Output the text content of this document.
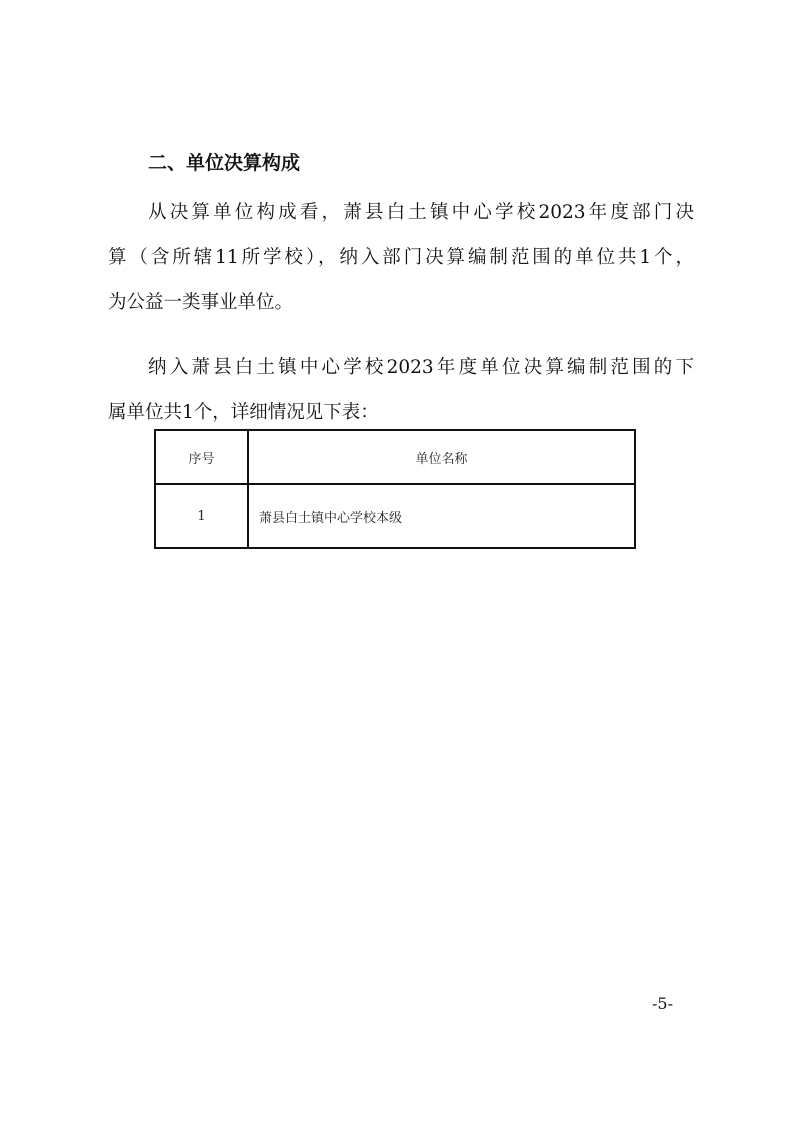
二、单位决算构成

从决算单位构成看，萧县白土镇中心学校2023年度部门决
算（含所辖11所学校），纳入部门决算编制范围的单位共1个，
为公益一类事业单位。

纳入萧县白土镇中心学校2023年度单位决算编制范围的下
属单位共1个，详细情况见下表：

序号	单位名称
1	萧县白土镇中心学校本级
-5-
